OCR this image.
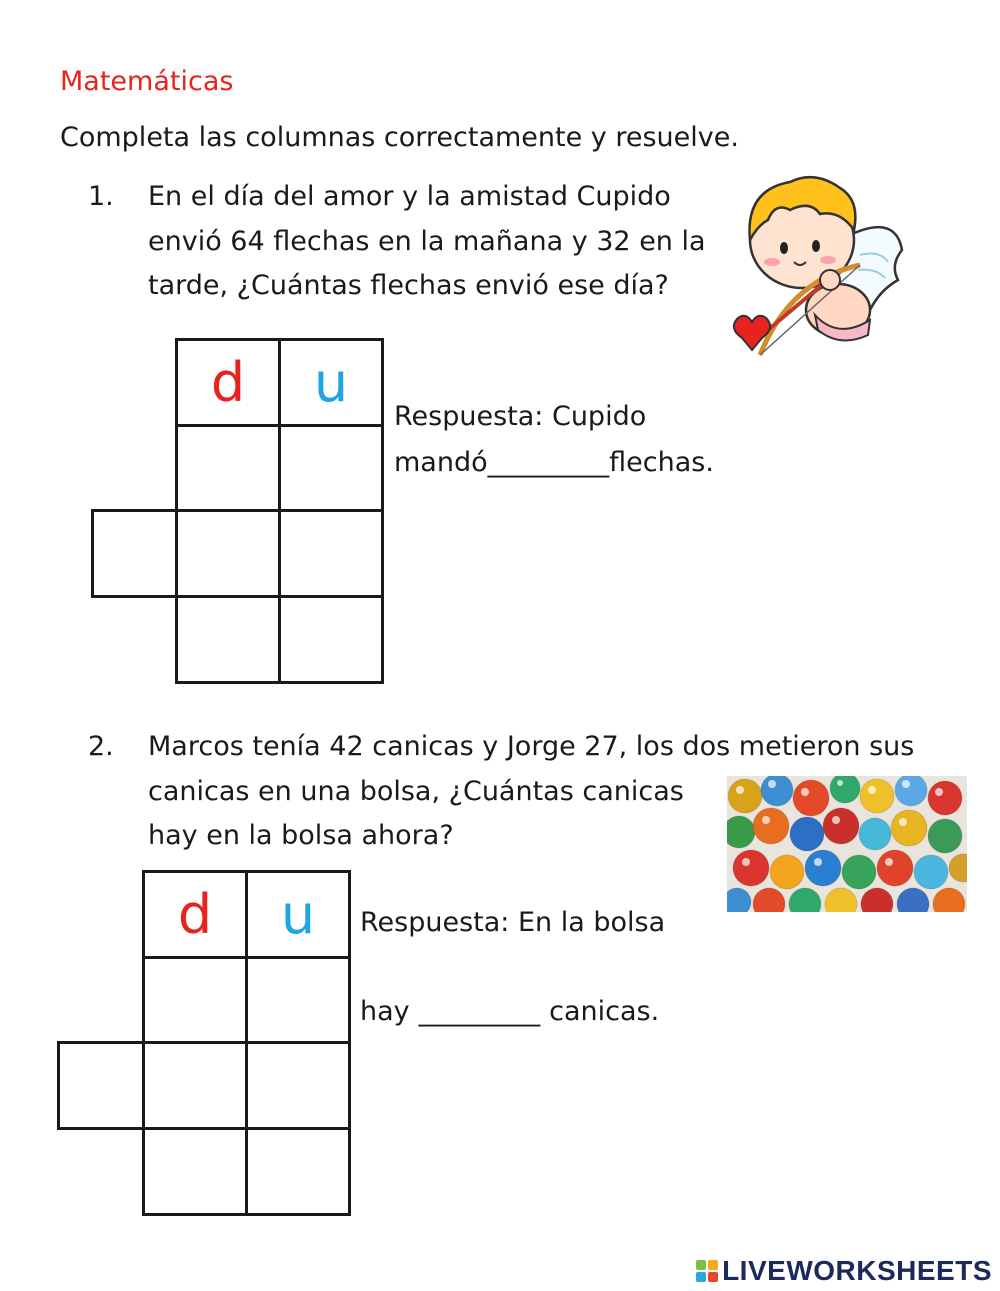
Matemáticas
Completa las columnas correctamente y resuelve.
1. En el día del amor y la amistad Cupido
envió 64 flechas en la mañana y 32 en la
tarde, ¿Cuántas flechas envió ese día?
d	u
Respuesta: Cupido
mandó _________ flechas.
2. Marcos tenía 42 canicas y Jorge 27, los dos metieron sus
canicas en una bolsa, ¿Cuántas canicas
hay en la bolsa ahora?
d	u	Respuesta: En la bolsa
hay _________ canicas.
LIVEWORKSHEETS
